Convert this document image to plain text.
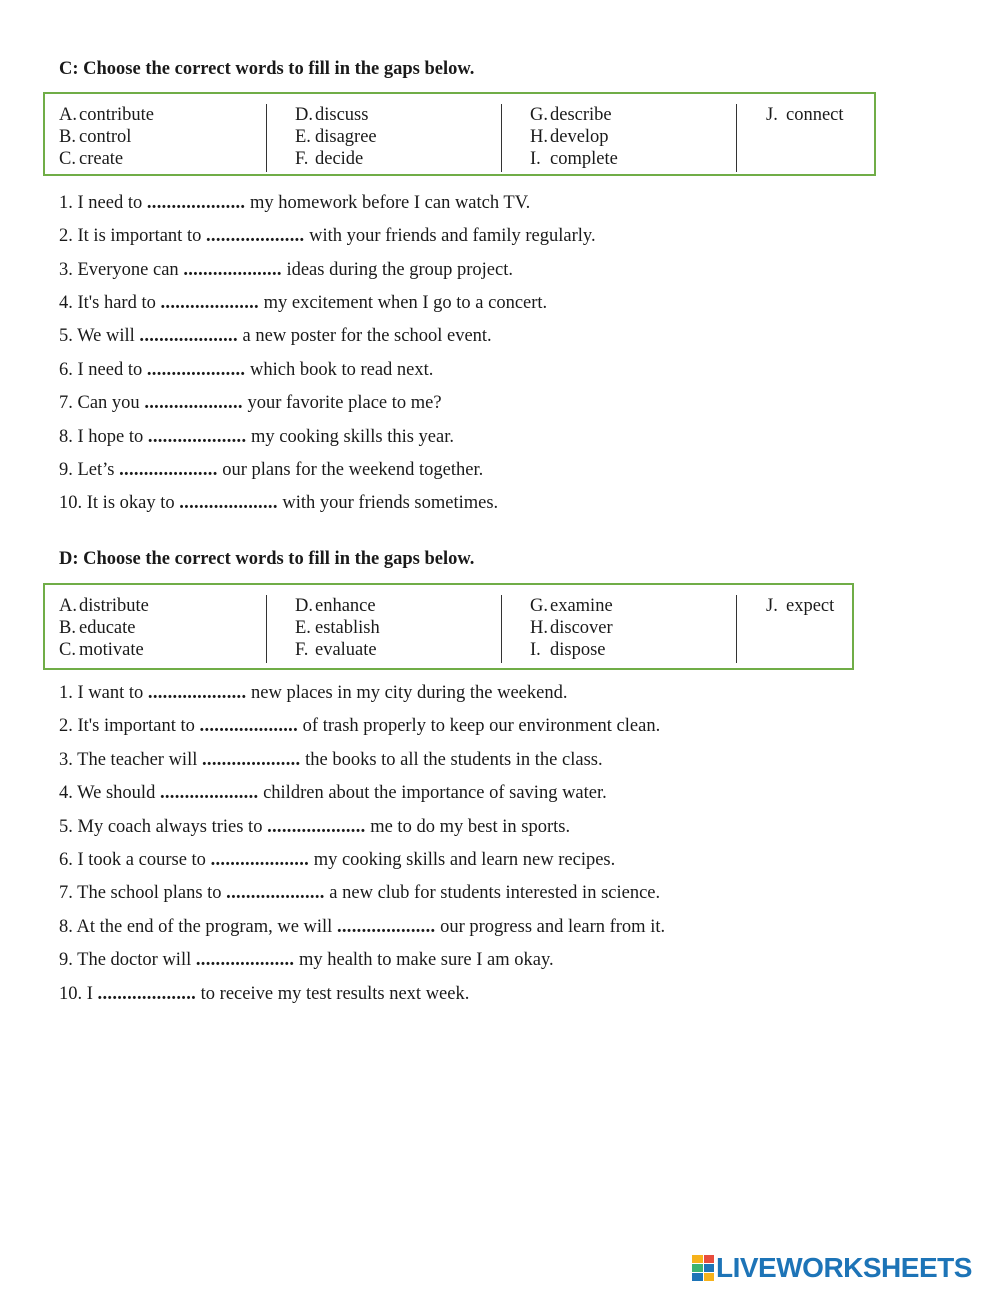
C: Choose the correct words to fill in the gaps below.
A. contribute
B. control
C. create
D. discuss
E. disagree
F. decide
G. describe
H. develop
I. complete
J. connect
1. I need to .................... my homework before I can watch TV.
2. It is important to .................... with your friends and family regularly.
3. Everyone can .................... ideas during the group project.
4. It's hard to .................... my excitement when I go to a concert.
5. We will .................... a new poster for the school event.
6. I need to .................... which book to read next.
7. Can you .................... your favorite place to me?
8. I hope to .................... my cooking skills this year.
9. Let’s .................... our plans for the weekend together.
10. It is okay to .................... with your friends sometimes.
D: Choose the correct words to fill in the gaps below.
A. distribute
B. educate
C. motivate
D. enhance
E. establish
F. evaluate
G. examine
H. discover
I. dispose
J. expect
1. I want to .................... new places in my city during the weekend.
2. It's important to .................... of trash properly to keep our environment clean.
3. The teacher will .................... the books to all the students in the class.
4. We should .................... children about the importance of saving water.
5. My coach always tries to .................... me to do my best in sports.
6. I took a course to .................... my cooking skills and learn new recipes.
7. The school plans to .................... a new club for students interested in science.
8. At the end of the program, we will .................... our progress and learn from it.
9. The doctor will .................... my health to make sure I am okay.
10. I .................... to receive my test results next week.
LIVEWORKSHEETS
